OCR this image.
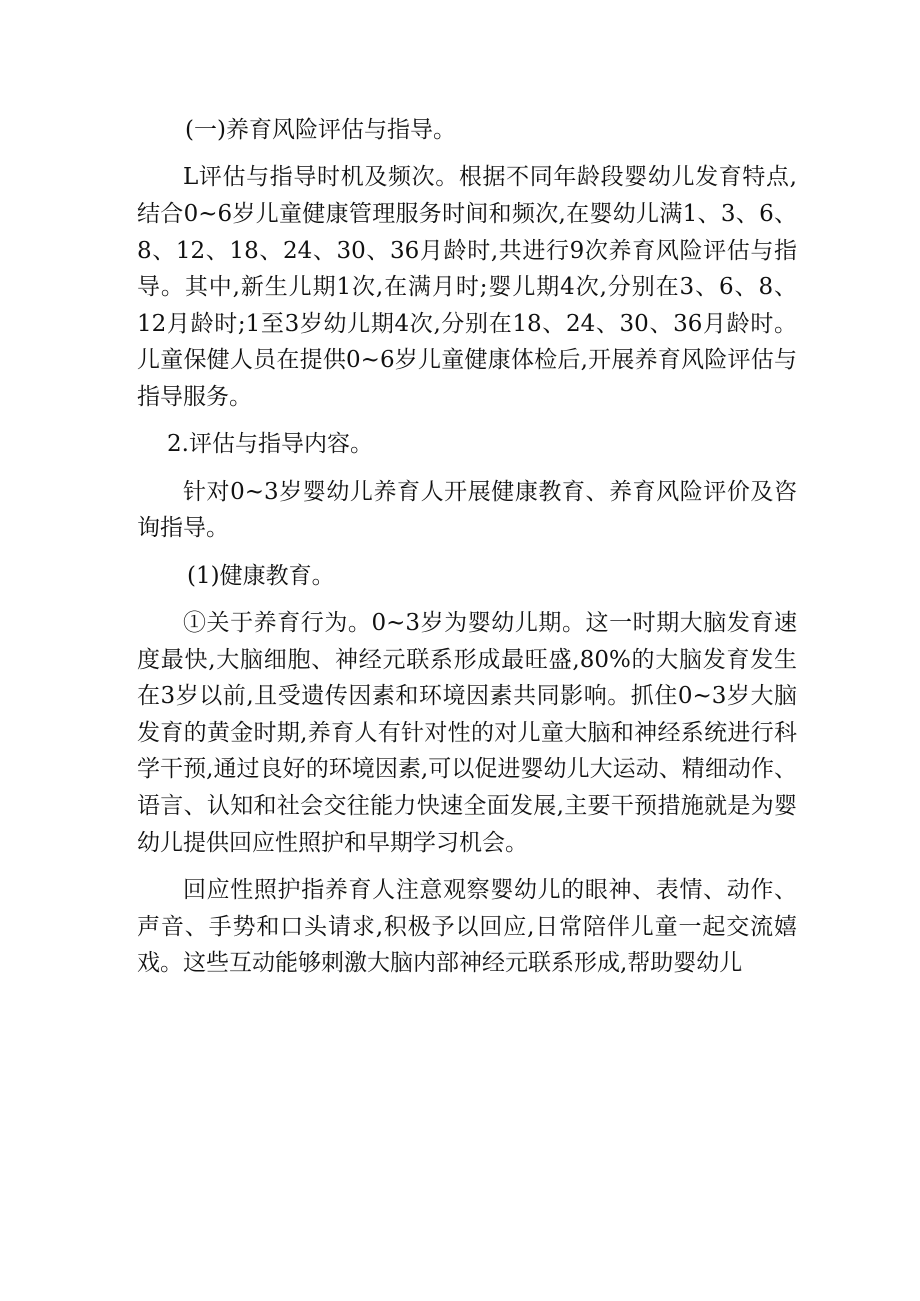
(一)养育风险评估与指导。

L评估与指导时机及频次。根据不同年龄段婴幼儿发育特点,结合0~6岁儿童健康管理服务时间和频次,在婴幼儿满1、3、6、8、12、18、24、30、36月龄时,共进行9次养育风险评估与指导。其中,新生儿期1次,在满月时;婴儿期4次,分别在3、6、8、12月龄时;1至3岁幼儿期4次,分别在18、24、30、36月龄时。儿童保健人员在提供0~6岁儿童健康体检后,开展养育风险评估与指导服务。

2.评估与指导内容。

针对0~3岁婴幼儿养育人开展健康教育、养育风险评价及咨询指导。

(1)健康教育。

①关于养育行为。0~3岁为婴幼儿期。这一时期大脑发育速度最快,大脑细胞、神经元联系形成最旺盛,80%的大脑发育发生在3岁以前,且受遗传因素和环境因素共同影响。抓住0~3岁大脑发育的黄金时期,养育人有针对性的对儿童大脑和神经系统进行科学干预,通过良好的环境因素,可以促进婴幼儿大运动、精细动作、语言、认知和社会交往能力快速全面发展,主要干预措施就是为婴幼儿提供回应性照护和早期学习机会。

回应性照护指养育人注意观察婴幼儿的眼神、表情、动作、声音、手势和口头请求,积极予以回应,日常陪伴儿童一起交流嬉戏。这些互动能够刺激大脑内部神经元联系形成,帮助婴幼儿
